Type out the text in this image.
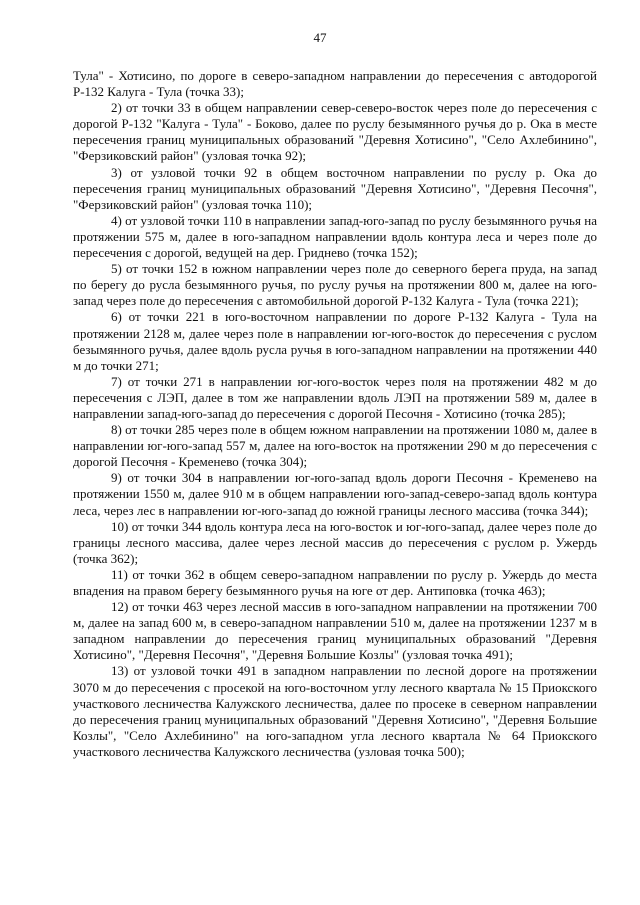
47

Тула" - Хотисино, по дороге в северо-западном направлении до пересечения с автодорогой Р-132 Калуга - Тула (точка 33);

2) от точки 33 в общем направлении север-северо-восток через поле до пересечения с дорогой Р-132 "Калуга - Тула" - Боково, далее по руслу безымянного ручья до р. Ока в месте пересечения границ муниципальных образований "Деревня Хотисино", "Село Ахлебинино", "Ферзиковский район" (узловая точка 92);

3) от узловой точки 92 в общем восточном направлении по руслу р. Ока до пересечения границ муниципальных образований "Деревня Хотисино", "Деревня Песочня", "Ферзиковский район" (узловая точка 110);

4) от узловой точки 110 в направлении запад-юго-запад по руслу безымянного ручья на протяжении 575 м, далее в юго-западном направлении вдоль контура леса и через поле до пересечения с дорогой, ведущей на дер. Гриднево (точка 152);

5) от точки 152 в южном направлении через поле до северного берега пруда, на запад по берегу до русла безымянного ручья, по руслу ручья на протяжении 800 м, далее на юго-запад через поле до пересечения с автомобильной дорогой Р-132 Калуга - Тула (точка 221);

6) от точки 221 в юго-восточном направлении по дороге Р-132 Калуга - Тула на протяжении 2128 м, далее через поле в направлении юг-юго-восток до пересечения с руслом безымянного ручья, далее вдоль русла ручья в юго-западном направлении на протяжении 440 м до точки 271;

7) от точки 271 в направлении юг-юго-восток через поля на протяжении 482 м до пересечения с ЛЭП, далее в том же направлении вдоль ЛЭП на протяжении 589 м, далее в направлении запад-юго-запад до пересечения с дорогой Песочня - Хотисино (точка 285);

8) от точки 285 через поле в общем южном направлении на протяжении 1080 м, далее в направлении юг-юго-запад 557 м, далее на юго-восток на протяжении 290 м до пересечения с дорогой Песочня - Кременево (точка 304);

9) от точки 304 в направлении юг-юго-запад вдоль дороги Песочня - Кременево на протяжении 1550 м, далее 910 м в общем направлении юго-запад-северо-запад вдоль контура леса, через лес в направлении юг-юго-запад до южной границы лесного массива (точка 344);

10) от точки 344 вдоль контура леса на юго-восток и юг-юго-запад, далее через поле до границы лесного массива, далее через лесной массив до пересечения с руслом р. Ужердь (точка 362);

11) от точки 362 в общем северо-западном направлении по руслу р. Ужердь до места впадения на правом берегу безымянного ручья на юге от дер. Антиповка (точка 463);

12) от точки 463 через лесной массив в юго-западном направлении на протяжении 700 м, далее на запад 600 м, в северо-западном направлении 510 м, далее на протяжении 1237 м в западном направлении до пересечения границ муниципальных образований "Деревня Хотисино", "Деревня Песочня", "Деревня Большие Козлы" (узловая точка 491);

13) от узловой точки 491 в западном направлении по лесной дороге на протяжении 3070 м до пересечения с просекой на юго-восточном углу лесного квартала № 15 Приокского участкового лесничества Калужского лесничества, далее по просеке в северном направлении до пересечения границ муниципальных образований "Деревня Хотисино", "Деревня Большие Козлы", "Село Ахлебинино" на юго-западном угла лесного квартала № 64 Приокского участкового лесничества Калужского лесничества (узловая точка 500);
